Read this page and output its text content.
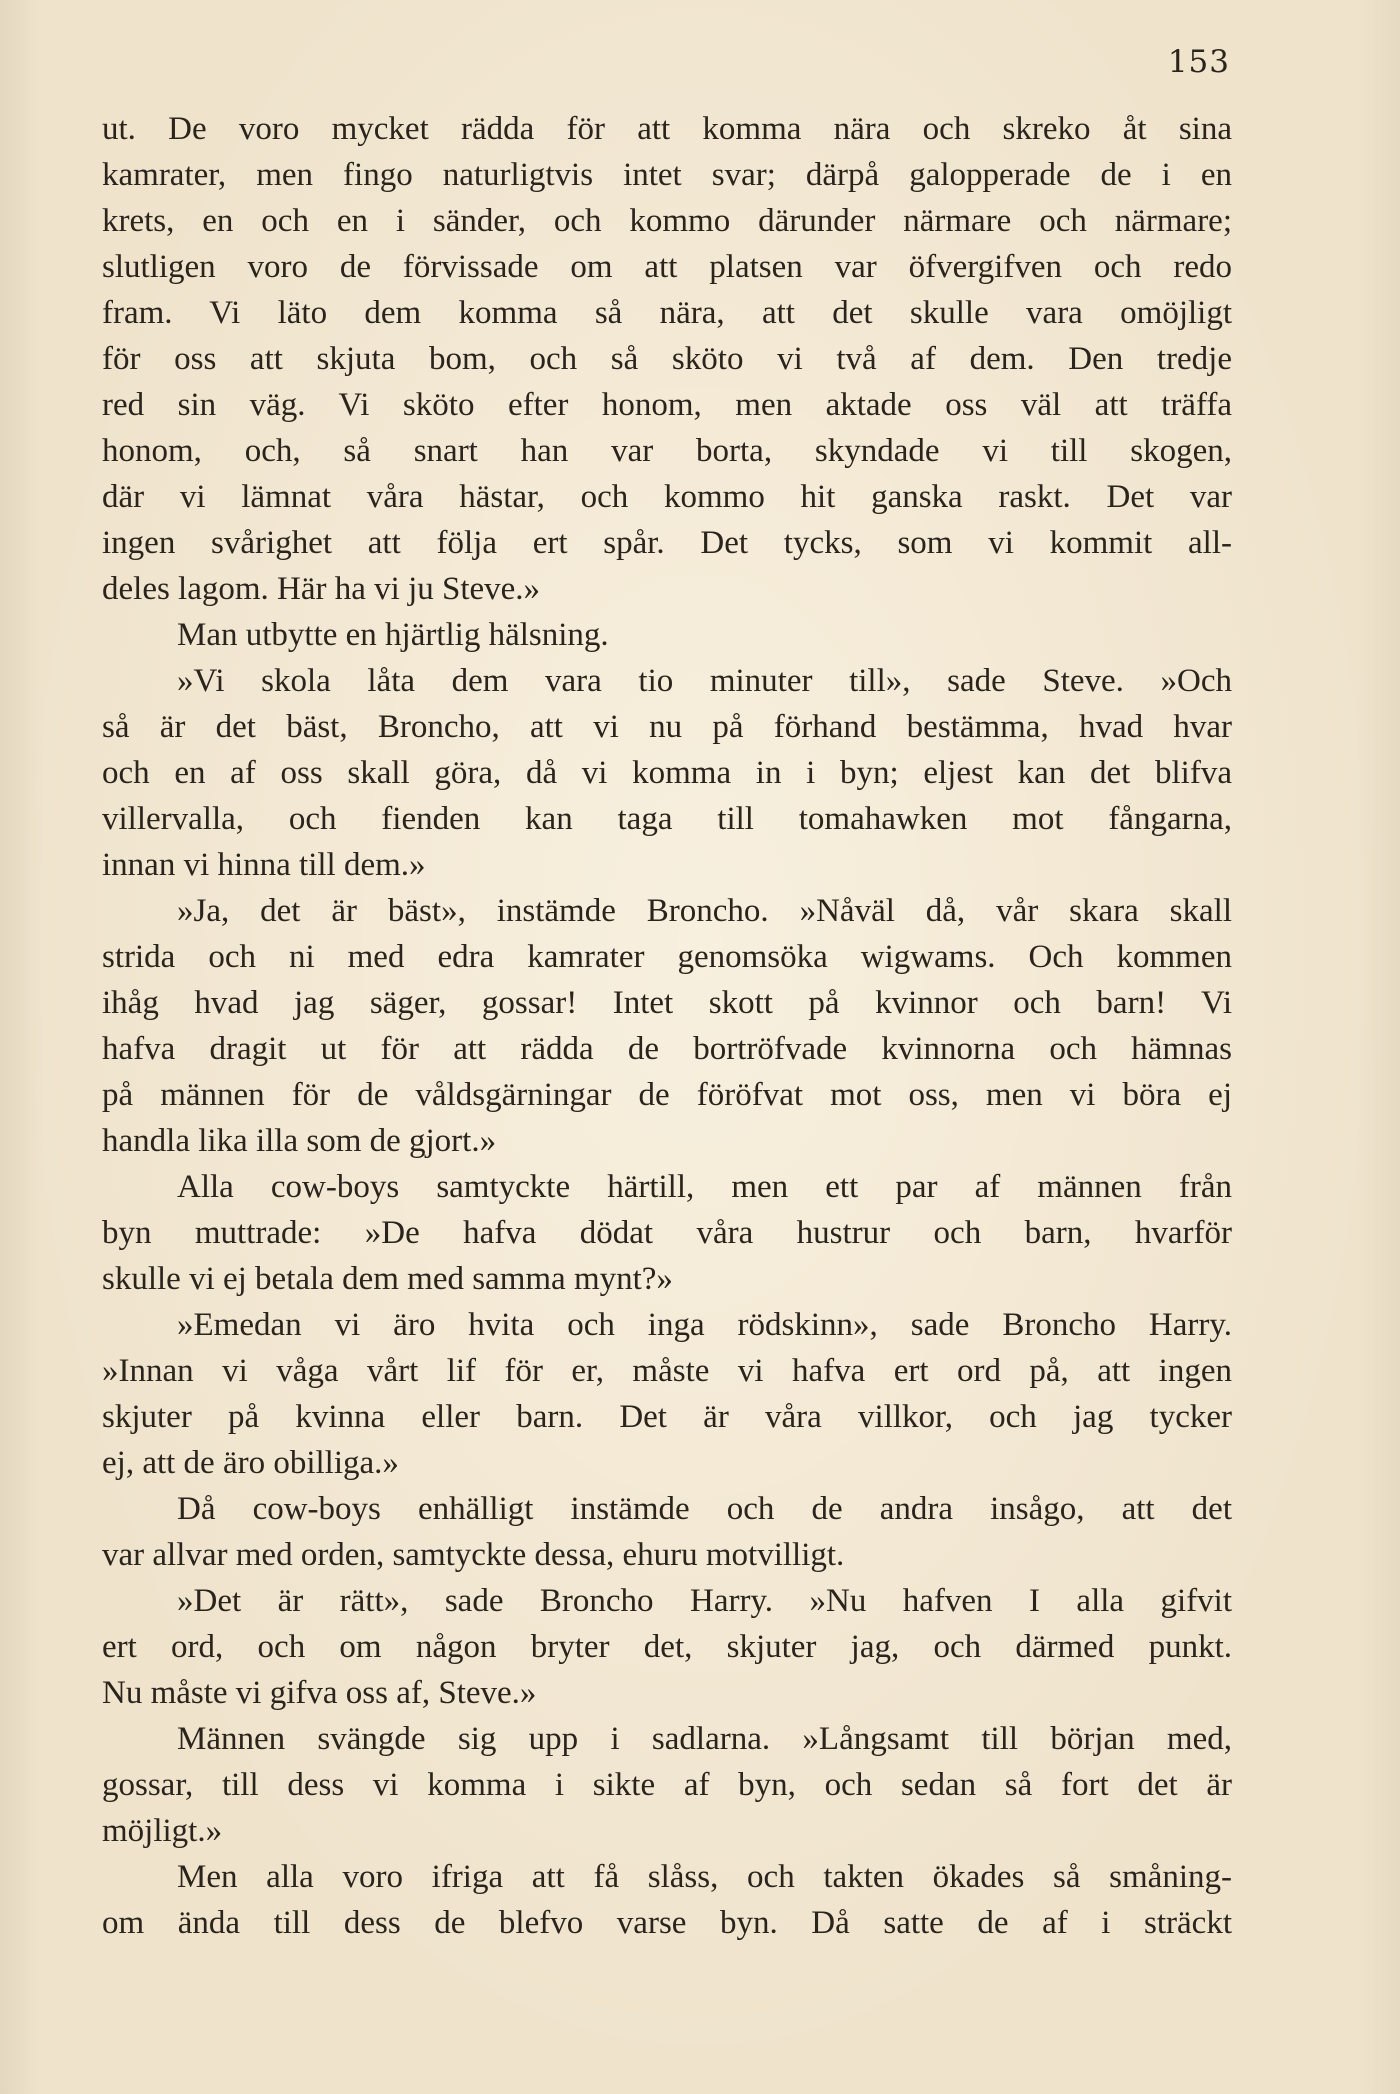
153
ut. De voro mycket rädda för att komma nära och skreko åt sina
kamrater, men fingo naturligtvis intet svar; därpå galopperade de i en
krets, en och en i sänder, och kommo därunder närmare och närmare;
slutligen voro de förvissade om att platsen var öfvergifven och redo
fram. Vi läto dem komma så nära, att det skulle vara omöjligt
för oss att skjuta bom, och så sköto vi två af dem. Den tredje
red sin väg. Vi sköto efter honom, men aktade oss väl att träffa
honom, och, så snart han var borta, skyndade vi till skogen,
där vi lämnat våra hästar, och kommo hit ganska raskt. Det var
ingen svårighet att följa ert spår. Det tycks, som vi kommit all-
deles lagom. Här ha vi ju Steve.»
Man utbytte en hjärtlig hälsning.
»Vi skola låta dem vara tio minuter till», sade Steve. »Och
så är det bäst, Broncho, att vi nu på förhand bestämma, hvad hvar
och en af oss skall göra, då vi komma in i byn; eljest kan det blifva
villervalla, och fienden kan taga till tomahawken mot fångarna,
innan vi hinna till dem.»
»Ja, det är bäst», instämde Broncho. »Nåväl då, vår skara skall
strida och ni med edra kamrater genomsöka wigwams. Och kommen
ihåg hvad jag säger, gossar! Intet skott på kvinnor och barn! Vi
hafva dragit ut för att rädda de bortröfvade kvinnorna och hämnas
på männen för de våldsgärningar de föröfvat mot oss, men vi böra ej
handla lika illa som de gjort.»
Alla cow-boys samtyckte härtill, men ett par af männen från
byn muttrade: »De hafva dödat våra hustrur och barn, hvarför
skulle vi ej betala dem med samma mynt?»
»Emedan vi äro hvita och inga rödskinn», sade Broncho Harry.
»Innan vi våga vårt lif för er, måste vi hafva ert ord på, att ingen
skjuter på kvinna eller barn. Det är våra villkor, och jag tycker
ej, att de äro obilliga.»
Då cow-boys enhälligt instämde och de andra insågo, att det
var allvar med orden, samtyckte dessa, ehuru motvilligt.
»Det är rätt», sade Broncho Harry. »Nu hafven I alla gifvit
ert ord, och om någon bryter det, skjuter jag, och därmed punkt.
Nu måste vi gifva oss af, Steve.»
Männen svängde sig upp i sadlarna. »Långsamt till början med,
gossar, till dess vi komma i sikte af byn, och sedan så fort det är
möjligt.»
Men alla voro ifriga att få slåss, och takten ökades så småning-
om ända till dess de blefvo varse byn. Då satte de af i sträckt
